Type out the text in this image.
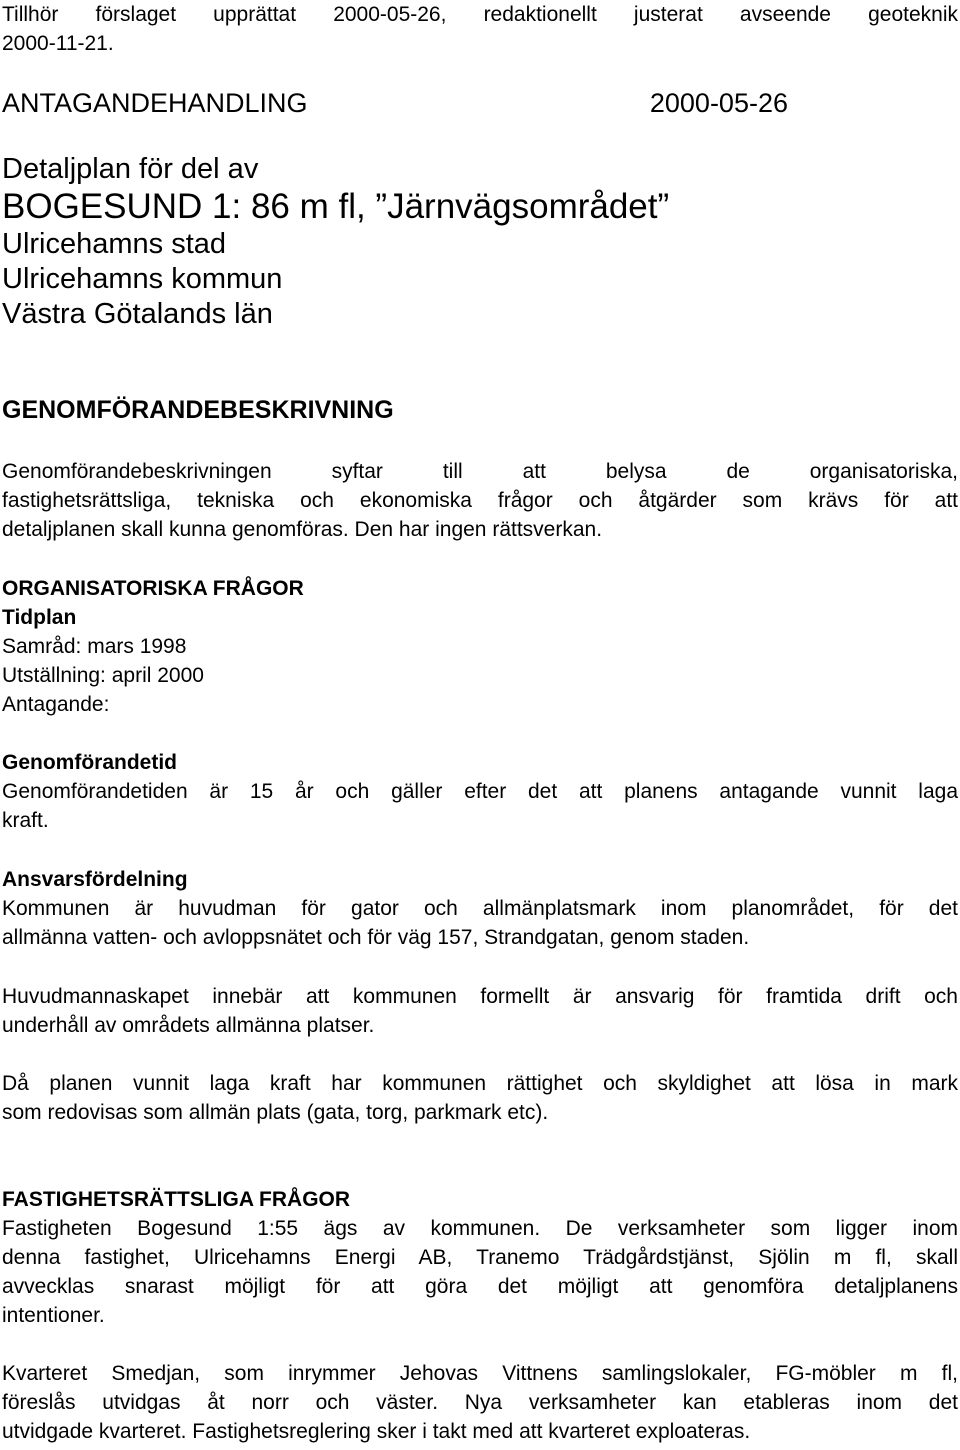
Tillhör förslaget upprättat 2000-05-26, redaktionellt justerat avseende geoteknik
2000-11-21.
ANTAGANDEHANDLING	2000-05-26
Detaljplan för del av
BOGESUND 1: 86 m fl, ”Järnvägsområdet”
Ulricehamns stad
Ulricehamns kommun
Västra Götalands län
GENOMFÖRANDEBESKRIVNING
Genomförandebeskrivningen syftar till att belysa de organisatoriska,
fastighetsrättsliga, tekniska och ekonomiska frågor och åtgärder som krävs för att
detaljplanen skall kunna genomföras. Den har ingen rättsverkan.
ORGANISATORISKA FRÅGOR
Tidplan
Samråd: mars 1998
Utställning: april 2000
Antagande:
Genomförandetid
Genomförandetiden är 15 år och gäller efter det att planens antagande vunnit laga
kraft.
Ansvarsfördelning
Kommunen är huvudman för gator och allmänplatsmark inom planområdet, för det
allmänna vatten- och avloppsnätet och för väg 157, Strandgatan, genom staden.
Huvudmannaskapet innebär att kommunen formellt är ansvarig för framtida drift och
underhåll av områdets allmänna platser.
Då planen vunnit laga kraft har kommunen rättighet och skyldighet att lösa in mark
som redovisas som allmän plats (gata, torg, parkmark etc).
FASTIGHETSRÄTTSLIGA FRÅGOR
Fastigheten Bogesund 1:55 ägs av kommunen. De verksamheter som ligger inom
denna fastighet, Ulricehamns Energi AB, Tranemo Trädgårdstjänst, Sjölin m fl, skall
avvecklas snarast möjligt för att göra det möjligt att genomföra detaljplanens
intentioner.
Kvarteret Smedjan, som inrymmer Jehovas Vittnens samlingslokaler, FG-möbler m fl,
föreslås utvidgas åt norr och väster. Nya verksamheter kan etableras inom det
utvidgade kvarteret. Fastighetsreglering sker i takt med att kvarteret exploateras.
